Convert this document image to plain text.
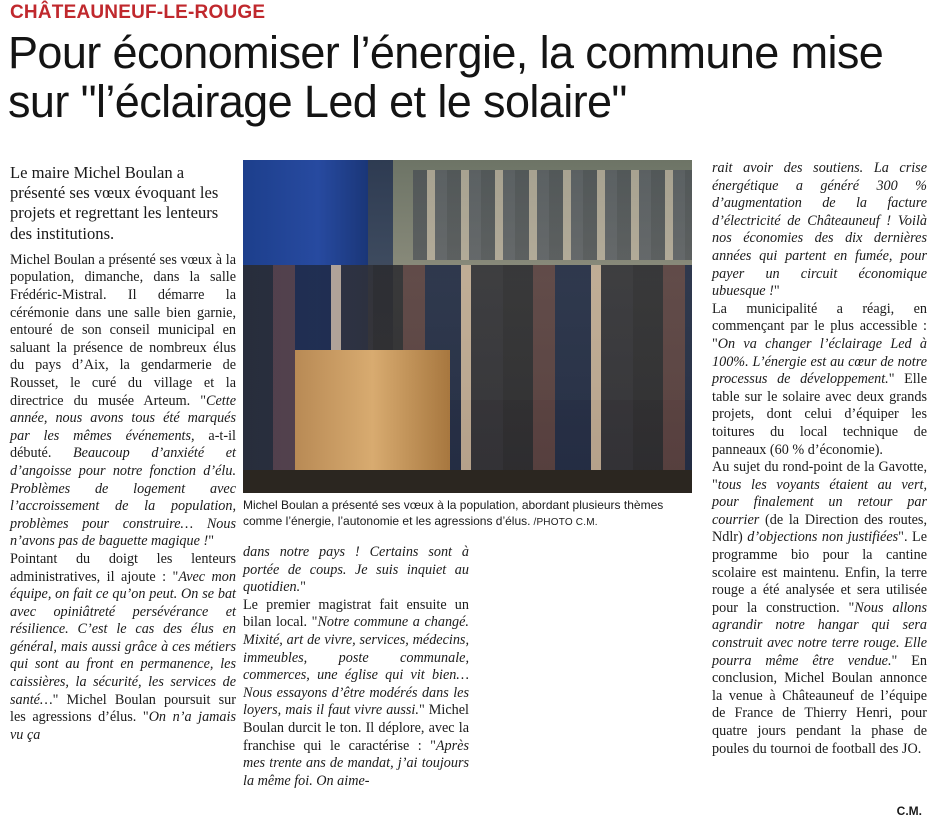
CHÂTEAUNEUF-LE-ROUGE
Pour économiser l’énergie, la commune mise sur "l’éclairage Led et le solaire"

Le maire Michel Boulan a présenté ses vœux évoquant les projets et regrettant les lenteurs des institutions.

Michel Boulan a présenté ses vœux à la population, dimanche, dans la salle Frédéric-Mistral. Il démarre la cérémonie dans une salle bien garnie, entouré de son conseil municipal en saluant la présence de nombreux élus du pays d’Aix, la gendarmerie de Rousset, le curé du village et la directrice du musée Arteum. "Cette année, nous avons tous été marqués par les mêmes événements, a-t-il débuté. Beaucoup d’anxiété et d’angoisse pour notre fonction d’élu. Problèmes de logement avec l’accroissement de la population, problèmes pour construire… Nous n’avons pas de baguette magique !"

Pointant du doigt les lenteurs administratives, il ajoute : "Avec mon équipe, on fait ce qu’on peut. On se bat avec opiniâtreté persévérance et résilience. C’est le cas des élus en général, mais aussi grâce à ces métiers qui sont au front en permanence, les caissières, la sécurité, les services de santé…" Michel Boulan poursuit sur les agressions d’élus. "On n’a jamais vu ça

Michel Boulan a présenté ses vœux à la population, abordant plusieurs thèmes comme l’énergie, l’autonomie et les agressions d’élus. /PHOTO C.M.

dans notre pays ! Certains sont à portée de coups. Je suis inquiet au quotidien."

Le premier magistrat fait ensuite un bilan local. "Notre commune a changé. Mixité, art de vivre, services, médecins, immeubles, poste communale, commerces, une église qui vit bien… Nous essayons d’être modérés dans les loyers, mais il faut vivre aussi." Michel Boulan durcit le ton. Il déplore, avec la franchise qui le caractérise : "Après mes trente ans de mandat, j’ai toujours la même foi. On aime-

rait avoir des soutiens. La crise énergétique a généré 300 % d’augmentation de la facture d’électricité de Châteauneuf ! Voilà nos économies des dix dernières années qui partent en fumée, pour payer un circuit économique ubuesque !"

La municipalité a réagi, en commençant par le plus accessible : "On va changer l’éclairage Led à 100%. L’énergie est au cœur de notre processus de développement." Elle table sur le solaire avec deux grands projets, dont celui d’équiper les toitures du local technique de panneaux (60 % d’économie).

Au sujet du rond-point de la Gavotte, "tous les voyants étaient au vert, pour finalement un retour par courrier (de la Direction des routes, Ndlr) d’objections non justifiées". Le programme bio pour la cantine scolaire est maintenu. Enfin, la terre rouge a été analysée et sera utilisée pour la construction. "Nous allons agrandir notre hangar qui sera construit avec notre terre rouge. Elle pourra même être vendue." En conclusion, Michel Boulan annonce la venue à Châteauneuf de l’équipe de France de Thierry Henri, pour quatre jours pendant la phase de poules du tournoi de football des JO.

C.M.
